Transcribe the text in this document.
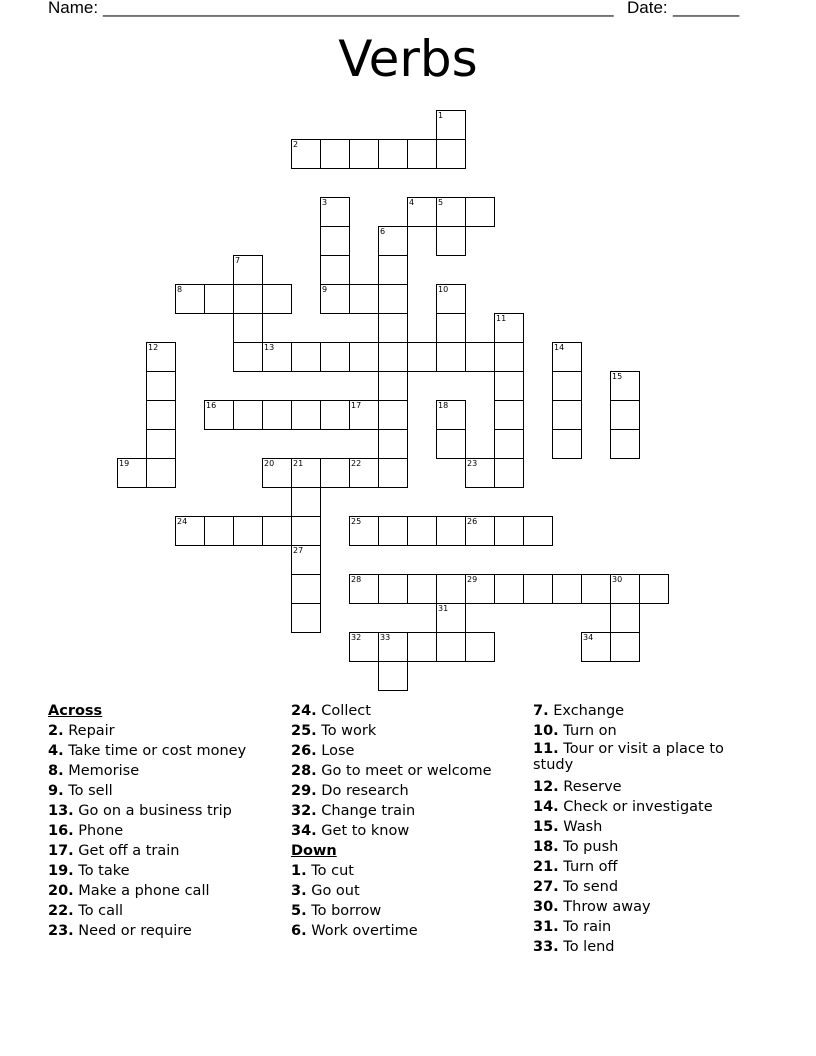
Name: ______________________________________________________ Date: _______
Verbs
1
2
3
9
4	5
6
7
8	10
11
12	13	14
15
16	17	18
19	20 21	22	23
24	25	26
27
28	29	30
31
32 33	34
Across
2. Repair
4. Take time or cost money
8. Memorise
9. To sell
13. Go on a business trip
16. Phone
17. Get off a train
19. To take
20. Make a phone call
22. To call
23. Need or require
24. Collect
25. To work
26. Lose
28. Go to meet or welcome
29. Do research
32. Change train
34. Get to know
Down
1. To cut
3. Go out
5. To borrow
6. Work overtime
7. Exchange
10. Turn on
11. Tour or visit a place to study
12. Reserve
14. Check or investigate
15. Wash
18. To push
21. Turn off
27. To send
30. Throw away
31. To rain
33. To lend
